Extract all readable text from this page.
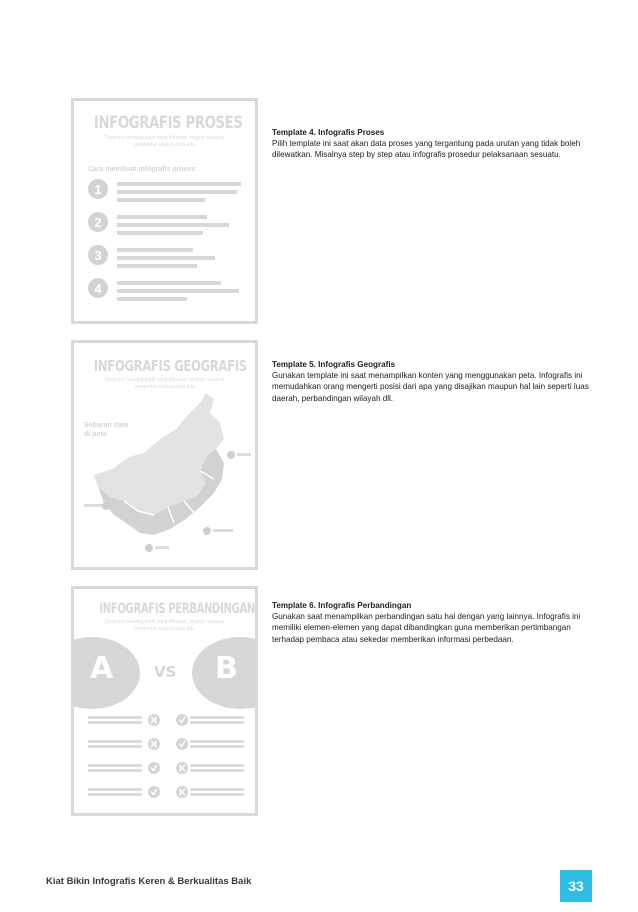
INFOGRAFIS PROSES
Deskripsi tentang topik yang dibahas, singkat maupun pengantar singkat data ada
Cara membuat infografis proses
1
2
3
4
Template 4. Infografis Proses
Pilih template ini saat akan data proses yang tergantung pada urutan yang tidak boleh dilewatkan. Misalnya step by step atau infografis prosedur pelaksanaan sesuatu.
INFOGRAFIS GEOGRAFIS
Deskripsi tentang topik yang dibahas, singkat maupun pengantar singkat data ada
Sebaran data di peta
Template 5. Infografis Geografis
Gunakan template ini saat menampilkan konten yang menggunakan peta. Infografis ini memudahkan orang mengerti posisi dari apa yang disajikan maupun hal lain seperti luas daerah, perbandingan wilayah dll.
INFOGRAFIS PERBANDINGAN
Deskripsi tentang topik yang dibahas, singkat maupun pengantar singkat data ada
A	B
VS
Template 6. Infografis Perbandingan
Gunakan saat menampilkan perbandingan satu hal dengan yang lainnya. Infografis ini memiliki elemen-elemen yang dapat dibandingkan guna memberikan pertimbangan terhadap pembaca atau sekedar memberikan informasi perbedaan.
Kiat Bikin Infografis Keren & Berkualitas Baik	33
